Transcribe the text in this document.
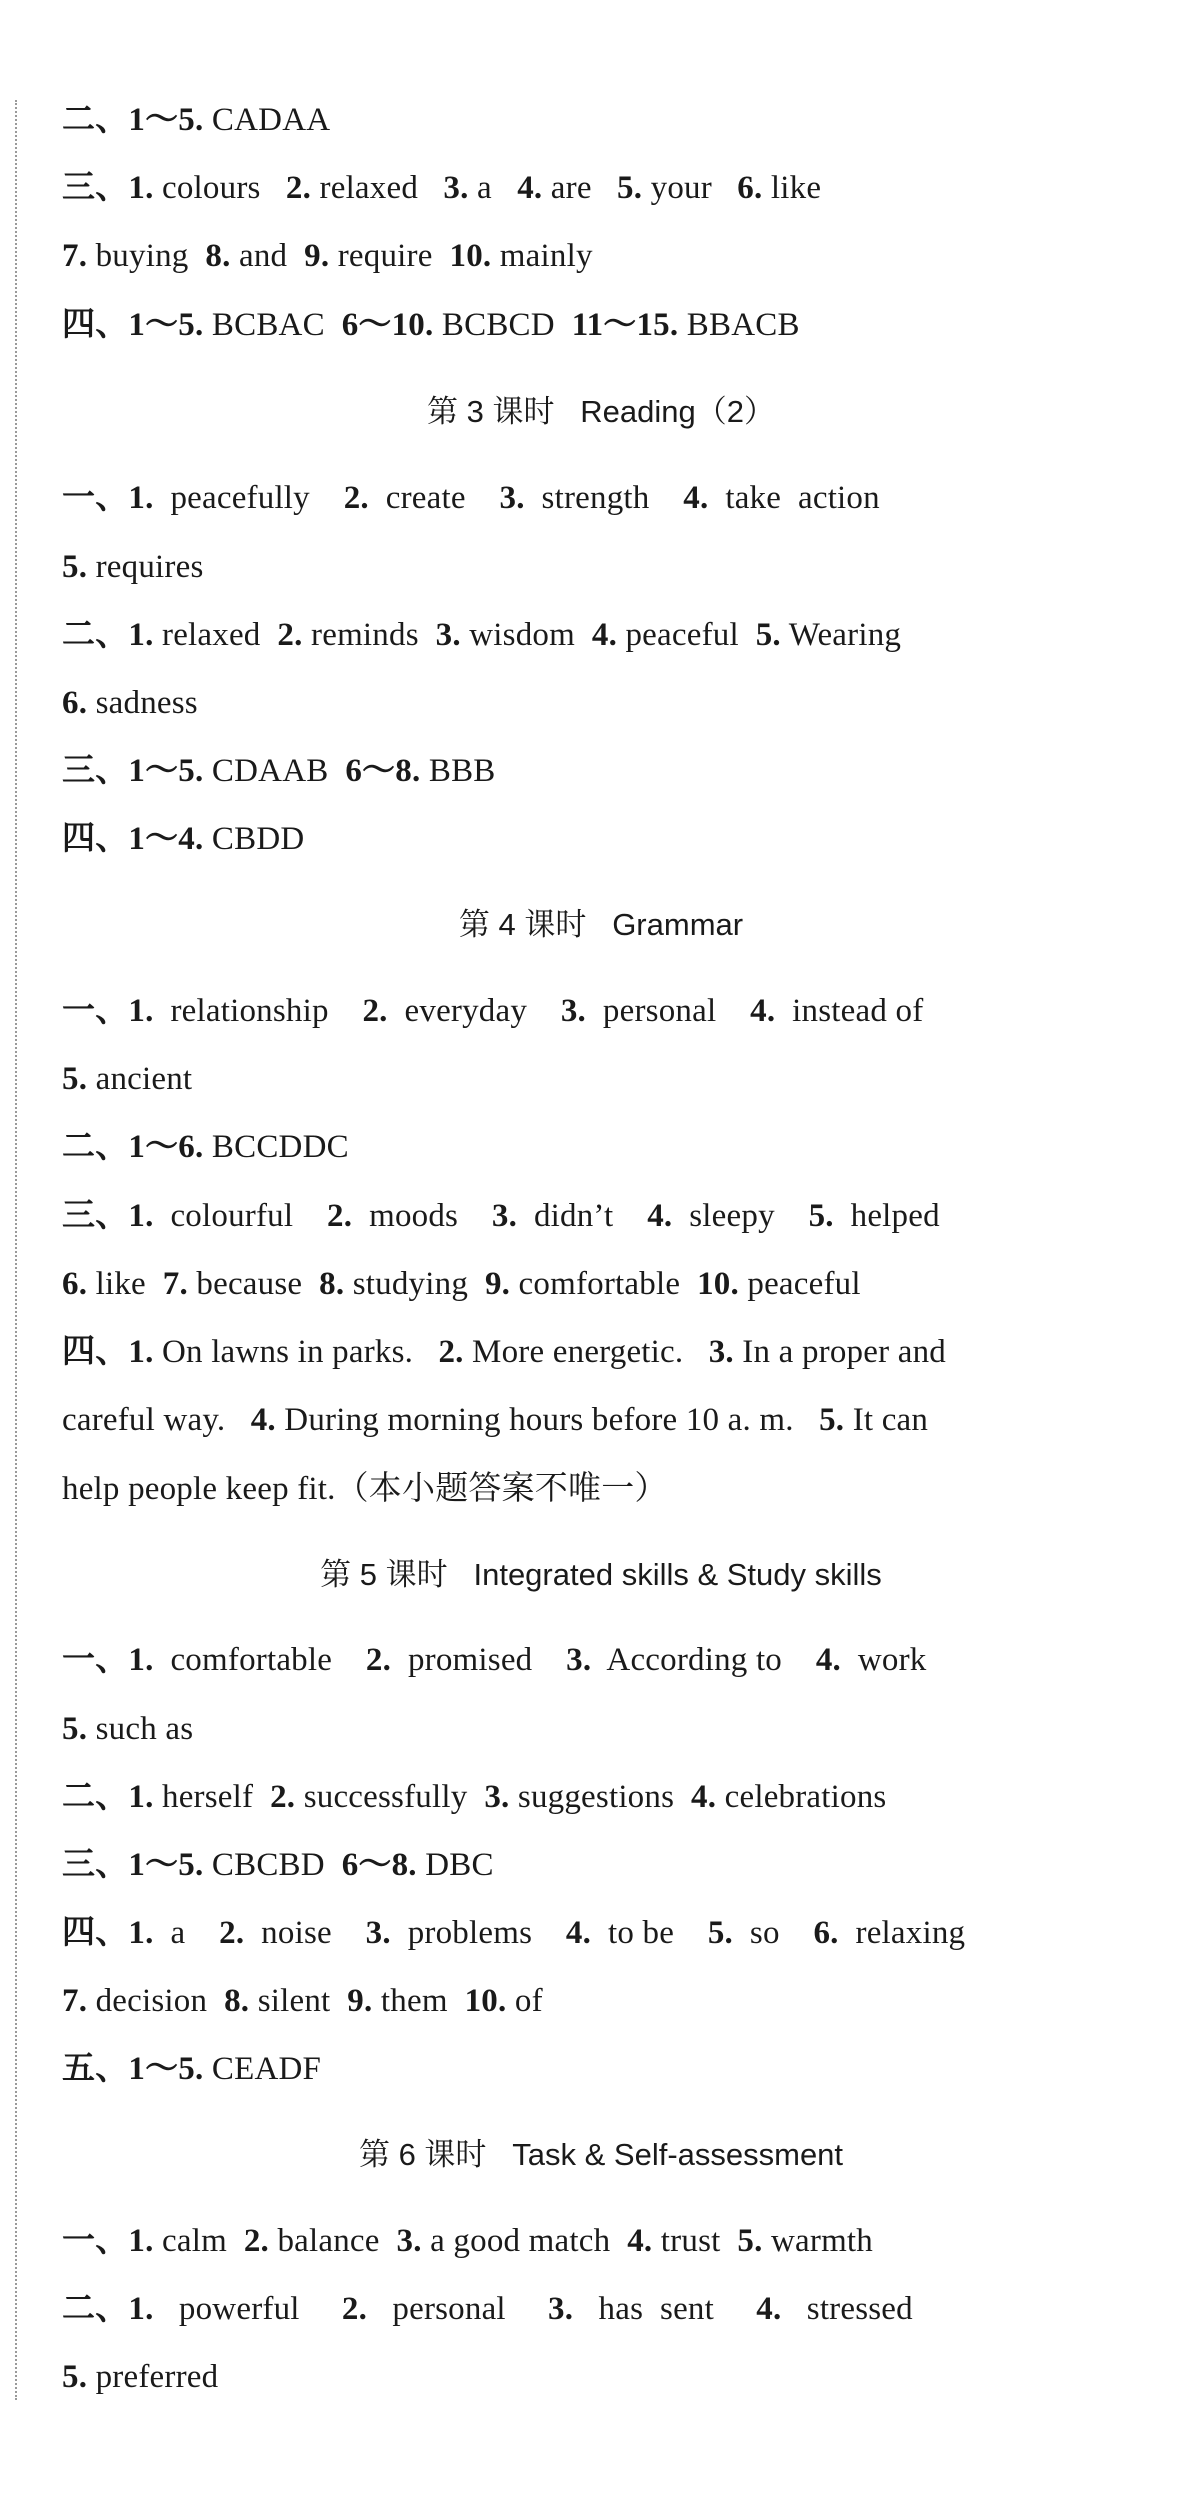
二、1～5. CADAA
三、1. colours   2. relaxed   3. a   4. are   5. your   6. like
7. buying  8. and  9. require  10. mainly
四、1～5. BCBAC  6～10. BCBCD  11～15. BBACB
第 3 课时   Reading（2）
一、1.  peacefully    2.  create    3.  strength    4.  take  action
5. requires
二、1. relaxed  2. reminds  3. wisdom  4. peaceful  5. Wearing
6. sadness
三、1～5. CDAAB  6～8. BBB
四、1～4. CBDD
第 4 课时   Grammar
一、1.  relationship    2.  everyday    3.  personal    4.  instead of
5. ancient
二、1～6. BCCDDC
三、1.  colourful    2.  moods    3.  didn’t    4.  sleepy    5.  helped
6. like  7. because  8. studying  9. comfortable  10. peaceful
四、1. On lawns in parks.   2. More energetic.   3. In a proper and
careful way.   4. During morning hours before 10 a. m.   5. It can
help people keep fit.（本小题答案不唯一）
第 5 课时   Integrated skills & Study skills
一、1.  comfortable    2.  promised    3.  According to    4.  work
5. such as
二、1. herself  2. successfully  3. suggestions  4. celebrations
三、1～5. CBCBD  6～8. DBC
四、1.  a    2.  noise    3.  problems    4.  to be    5.  so    6.  relaxing
7. decision  8. silent  9. them  10. of
五、1～5. CEADF
第 6 课时   Task & Self-assessment
一、1. calm  2. balance  3. a good match  4. trust  5. warmth
二、1.   powerful     2.   personal     3.   has  sent     4.   stressed
5. preferred
